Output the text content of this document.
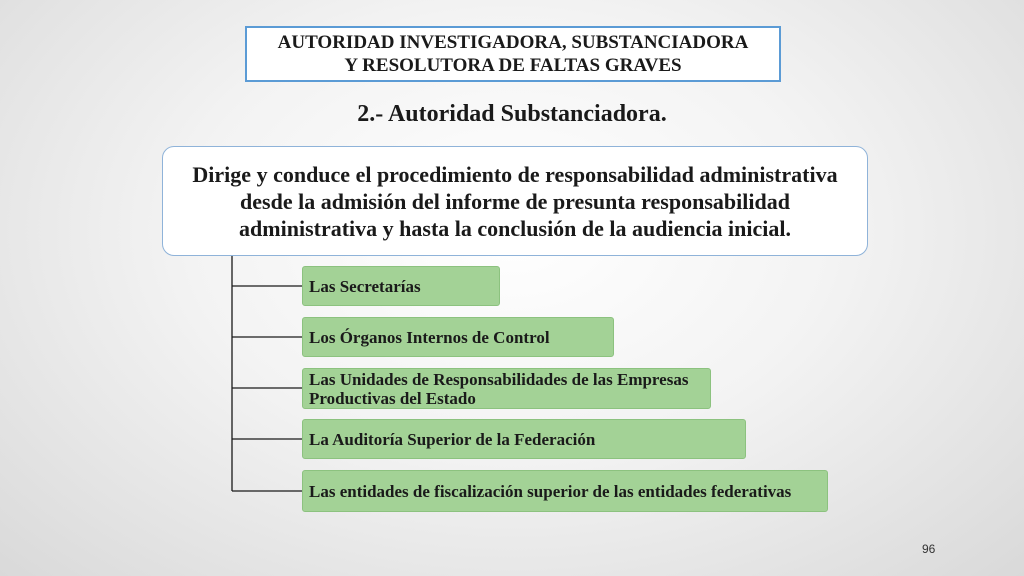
AUTORIDAD INVESTIGADORA, SUBSTANCIADORA
Y RESOLUTORA DE FALTAS GRAVES
2.- Autoridad Substanciadora.
Dirige y conduce el procedimiento de responsabilidad administrativa desde la admisión del informe de presunta responsabilidad administrativa y hasta la conclusión de la audiencia inicial.
Las Secretarías
Los Órganos Internos de Control
Las Unidades de Responsabilidades de las Empresas Productivas del Estado
La Auditoría Superior de la Federación
Las entidades de fiscalización superior de las entidades federativas
96
